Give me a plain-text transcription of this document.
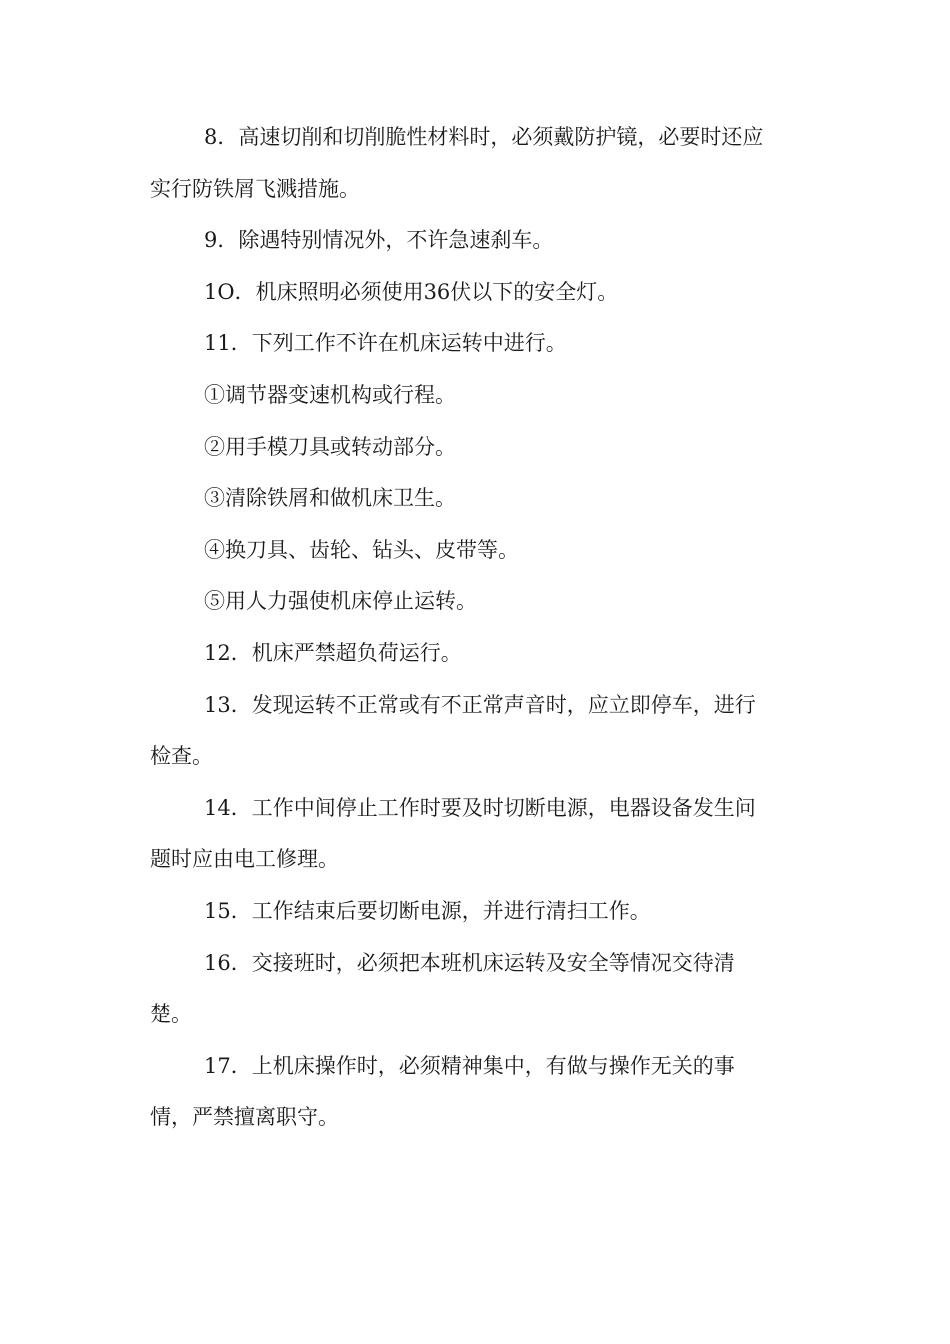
8．高速切削和切削脆性材料时，必须戴防护镜，必要时还应
实行防铁屑飞溅措施。

9．除遇特别情况外，不许急速刹车。

1O．机床照明必须使用36伏以下的安全灯。

11．下列工作不许在机床运转中进行。

①调节器变速机构或行程。

②用手模刀具或转动部分。

③清除铁屑和做机床卫生。

④换刀具、齿轮、钻头、皮带等。

⑤用人力强使机床停止运转。

12．机床严禁超负荷运行。

13．发现运转不正常或有不正常声音时，应立即停车，进行
检查。

14．工作中间停止工作时要及时切断电源，电器设备发生问
题时应由电工修理。

15．工作结束后要切断电源，并进行清扫工作。

16．交接班时，必须把本班机床运转及安全等情况交待清
楚。

17．上机床操作时，必须精神集中，有做与操作无关的事
情，严禁擅离职守。
